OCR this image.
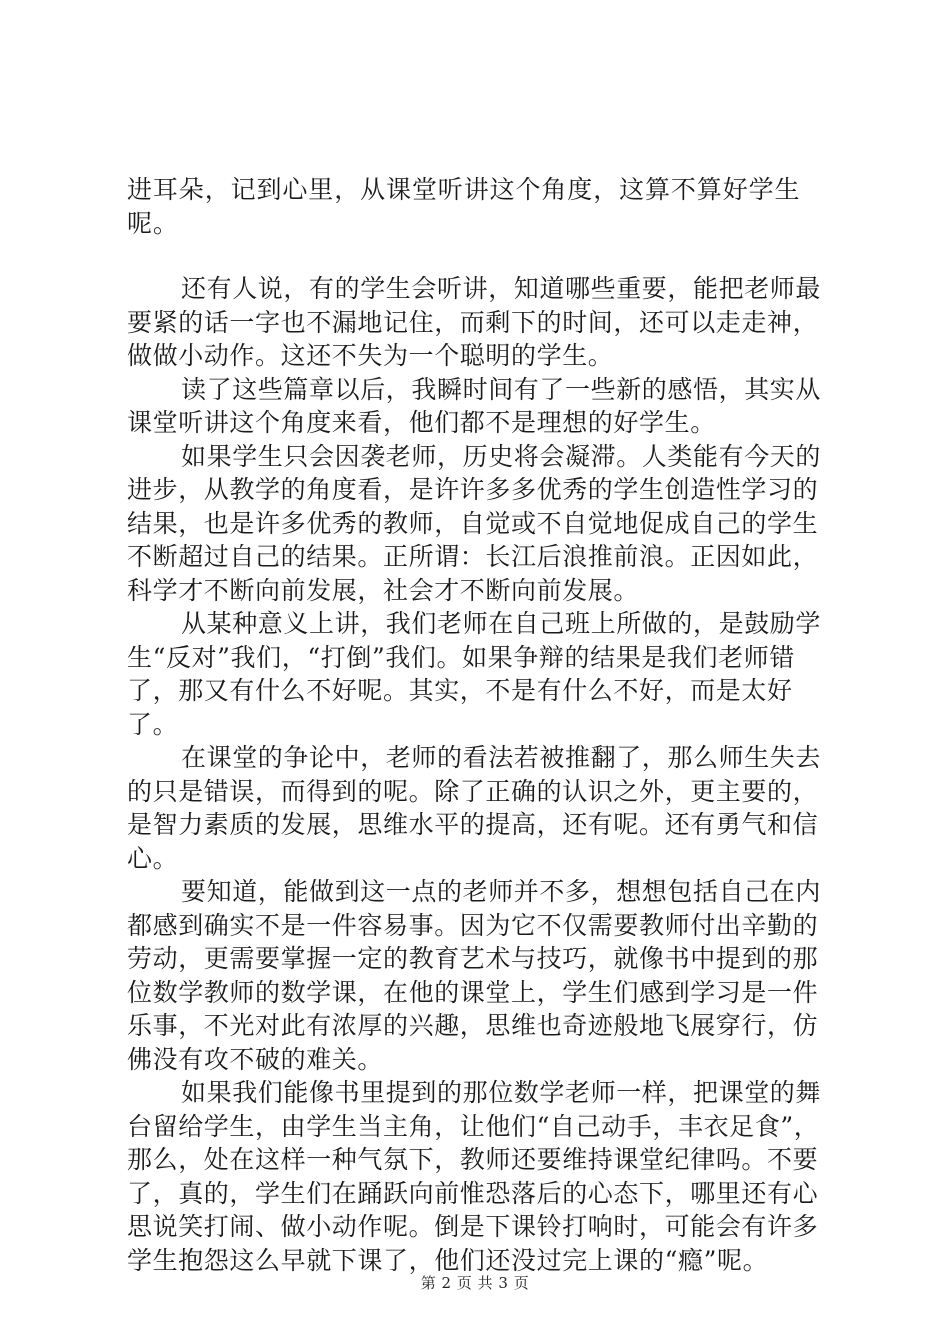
进耳朵，记到心里，从课堂听讲这个角度，这算不算好学生呢。

还有人说，有的学生会听讲，知道哪些重要，能把老师最要紧的话一字也不漏地记住，而剩下的时间，还可以走走神，做做小动作。这还不失为一个聪明的学生。

读了这些篇章以后，我瞬时间有了一些新的感悟，其实从课堂听讲这个角度来看，他们都不是理想的好学生。

如果学生只会因袭老师，历史将会凝滞。人类能有今天的进步，从教学的角度看，是许许多多优秀的学生创造性学习的结果，也是许多优秀的教师，自觉或不自觉地促成自己的学生不断超过自己的结果。正所谓：长江后浪推前浪。正因如此，科学才不断向前发展，社会才不断向前发展。

从某种意义上讲，我们老师在自己班上所做的，是鼓励学生“反对”我们，“打倒”我们。如果争辩的结果是我们老师错了，那又有什么不好呢。其实，不是有什么不好，而是太好了。

在课堂的争论中，老师的看法若被推翻了，那么师生失去的只是错误，而得到的呢。除了正确的认识之外，更主要的，是智力素质的发展，思维水平的提高，还有呢。还有勇气和信心。

要知道，能做到这一点的老师并不多，想想包括自己在内都感到确实不是一件容易事。因为它不仅需要教师付出辛勤的劳动，更需要掌握一定的教育艺术与技巧，就像书中提到的那位数学教师的数学课，在他的课堂上，学生们感到学习是一件乐事，不光对此有浓厚的兴趣，思维也奇迹般地飞展穿行，仿佛没有攻不破的难关。

如果我们能像书里提到的那位数学老师一样，把课堂的舞台留给学生，由学生当主角，让他们“自己动手，丰衣足食”，那么，处在这样一种气氛下，教师还要维持课堂纪律吗。不要了，真的，学生们在踊跃向前惟恐落后的心态下，哪里还有心思说笑打闹、做小动作呢。倒是下课铃打响时，可能会有许多学生抱怨这么早就下课了，他们还没过完上课的“瘾”呢。

第 2 页 共 3 页
